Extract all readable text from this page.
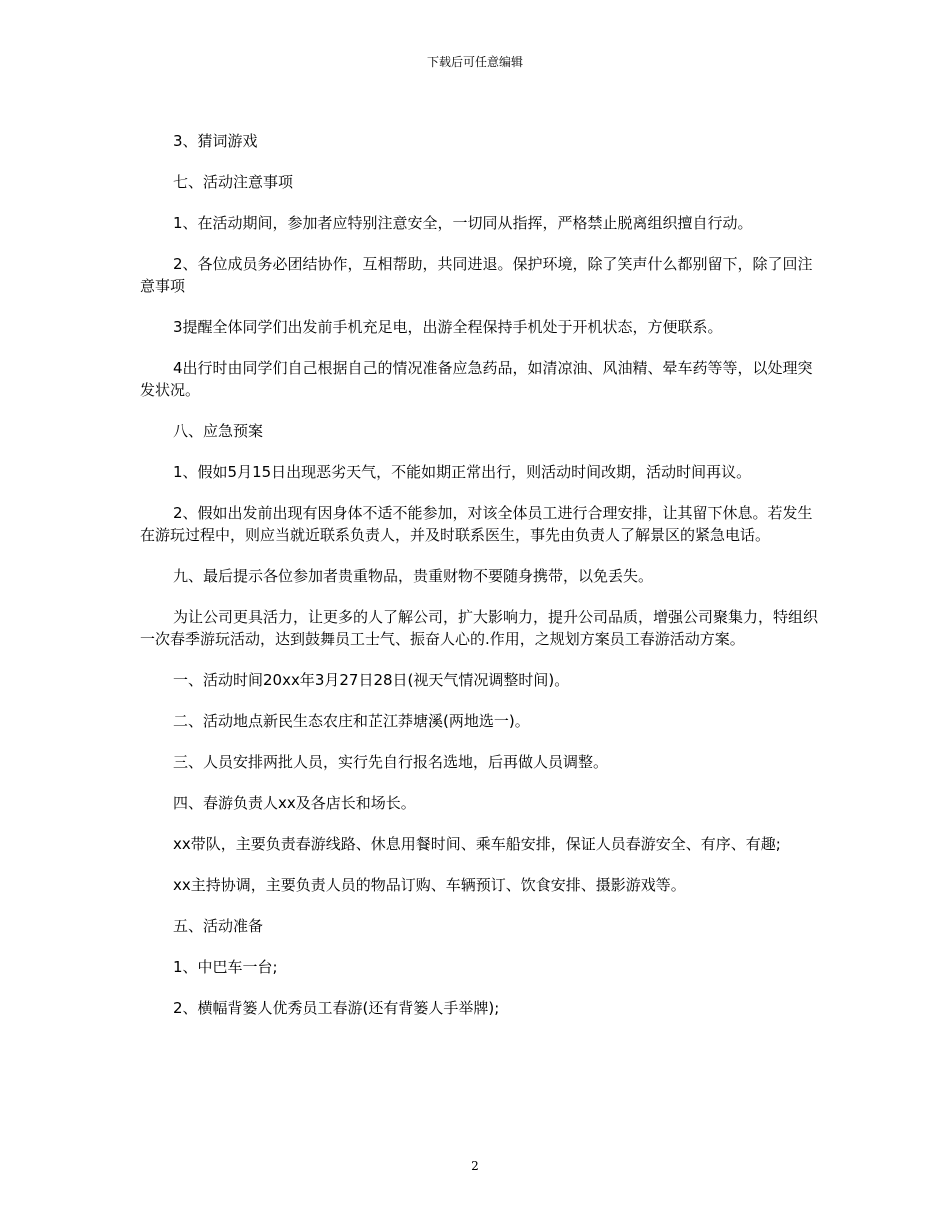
下载后可任意编辑

3、猜词游戏

七、活动注意事项

1、在活动期间，参加者应特别注意安全，一切同从指挥，严格禁止脱离组织擅自行动。

2、各位成员务必团结协作，互相帮助，共同进退。保护环境，除了笑声什么都别留下，除了回注意事项

3提醒全体同学们出发前手机充足电，出游全程保持手机处于开机状态，方便联系。

4出行时由同学们自己根据自己的情况准备应急药品，如清凉油、风油精、晕车药等等，以处理突发状况。

八、应急预案

1、假如5月15日出现恶劣天气，不能如期正常出行，则活动时间改期，活动时间再议。

2、假如出发前出现有因身体不适不能参加，对该全体员工进行合理安排，让其留下休息。若发生在游玩过程中，则应当就近联系负责人，并及时联系医生，事先由负责人了解景区的紧急电话。

九、最后提示各位参加者贵重物品，贵重财物不要随身携带，以免丢失。

为让公司更具活力，让更多的人了解公司，扩大影响力，提升公司品质，增强公司聚集力，特组织一次春季游玩活动，达到鼓舞员工士气、振奋人心的.作用，之规划方案员工春游活动方案。

一、活动时间20xx年3月27日28日(视天气情况调整时间)。

二、活动地点新民生态农庄和芷江莽塘溪(两地选一)。

三、人员安排两批人员，实行先自行报名选地，后再做人员调整。

四、春游负责人xx及各店长和场长。

xx带队，主要负责春游线路、休息用餐时间、乘车船安排，保证人员春游安全、有序、有趣;

xx主持协调，主要负责人员的物品订购、车辆预订、饮食安排、摄影游戏等。

五、活动准备

1、中巴车一台;

2、横幅背篓人优秀员工春游(还有背篓人手举牌);

2
